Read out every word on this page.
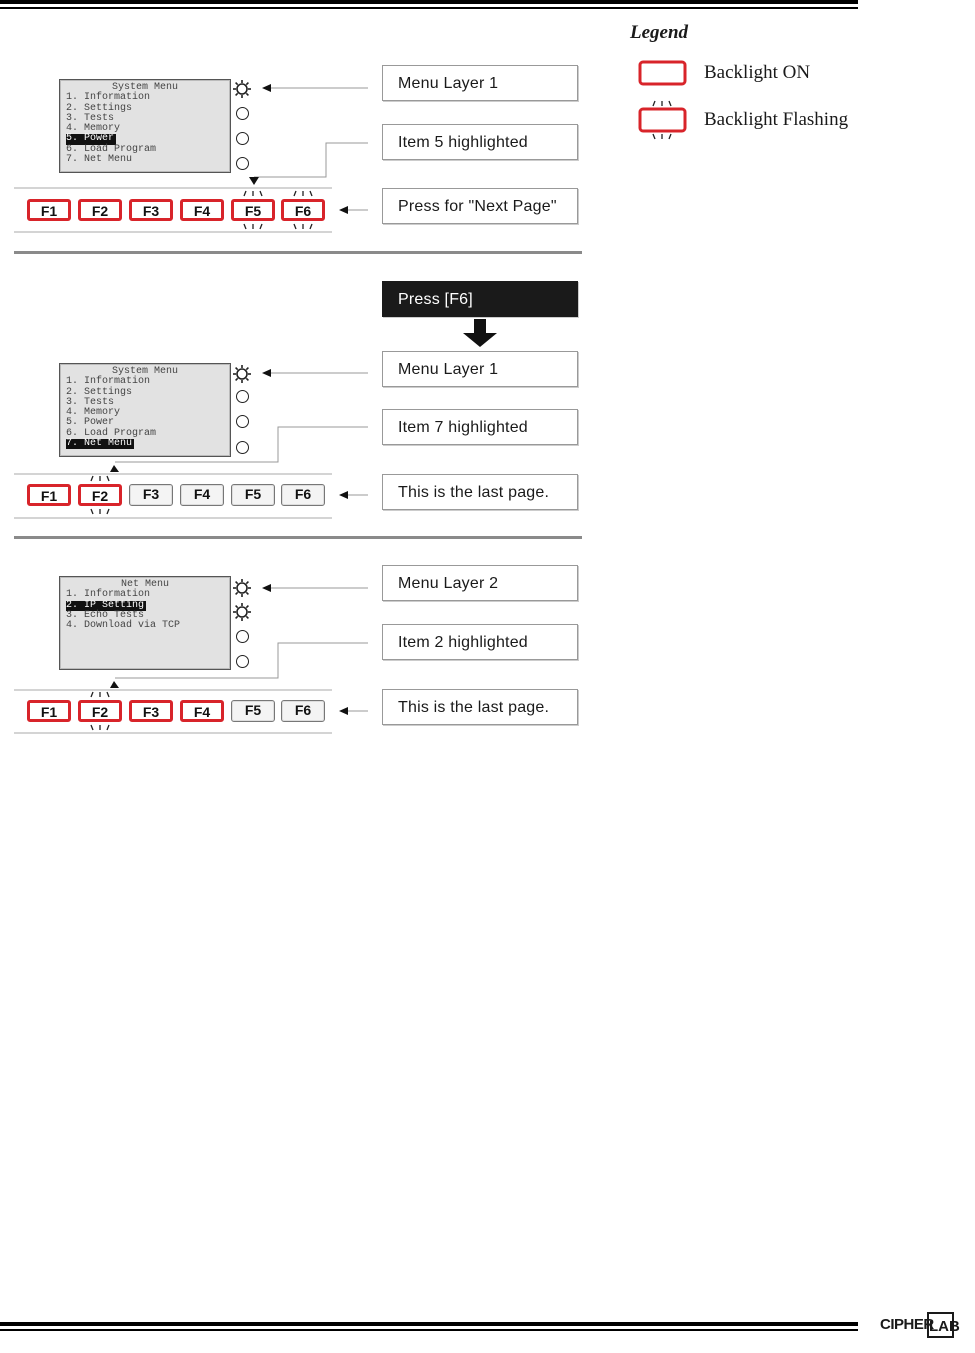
Legend
Backlight ON
Backlight Flashing
System Menu
1. Information
2. Settings
3. Tests
4. Memory
5. Power
6. Load Program
7. Net Menu
Menu Layer 1
Item 5 highlighted
Press for "Next Page"
F1	F2	F3	F4	F5	F6
Press [F6]
System Menu
1. Information
2. Settings
3. Tests
4. Memory
5. Power
6. Load Program
7. Net Menu
Menu Layer 1
Item 7 highlighted
This is the last page.
F1	F2	F3	F4	F5	F6
Net Menu
1. Information
2. IP Setting
3. Echo Tests
4. Download via TCP
Menu Layer 2
Item 2 highlighted
This is the last page.
F1	F2	F3	F4	F5	F6
CIPHER
LAB
